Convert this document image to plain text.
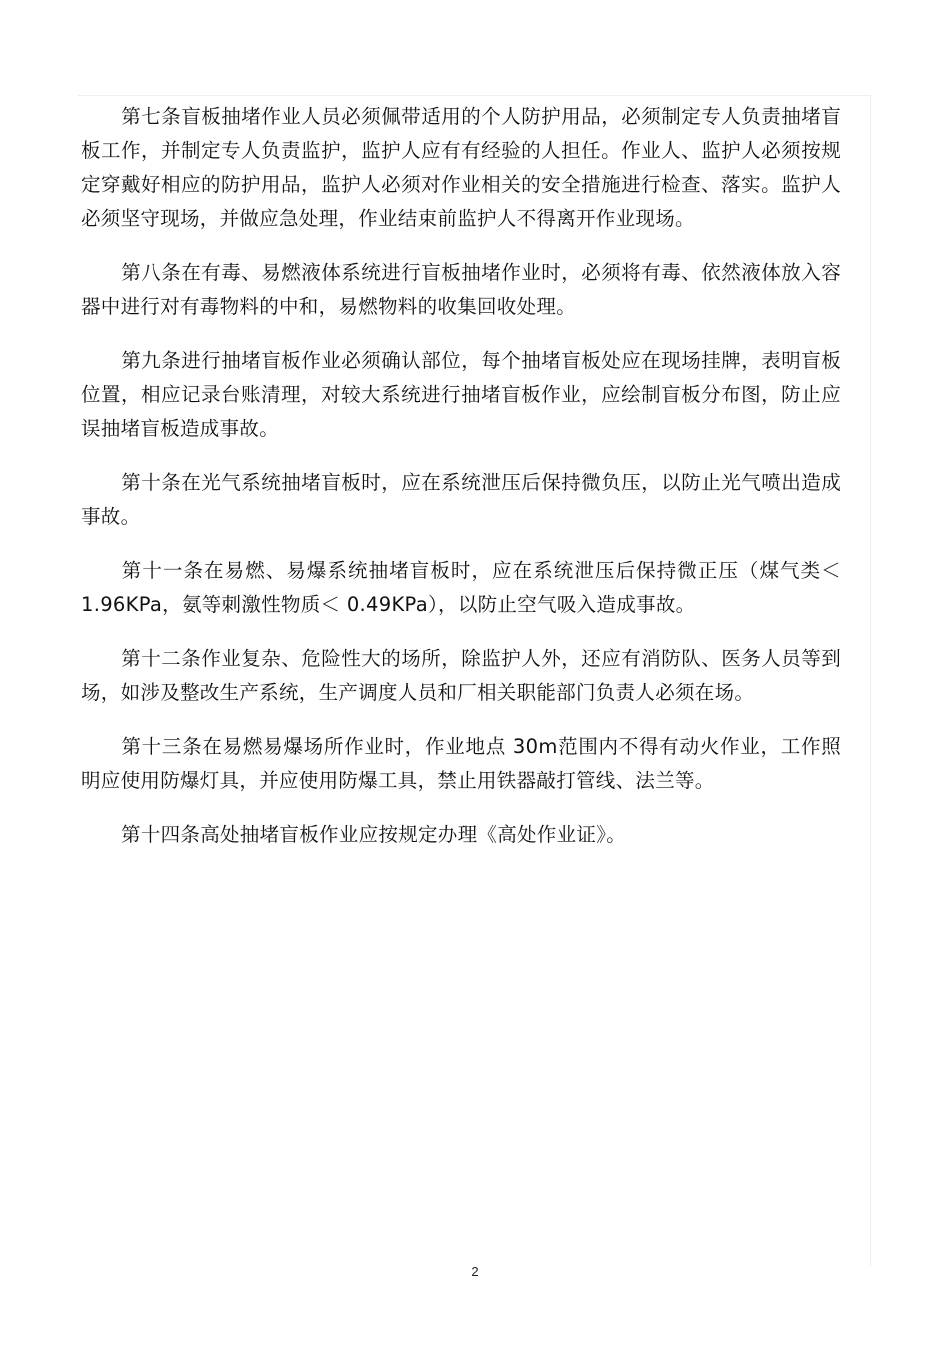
第七条盲板抽堵作业人员必须佩带适用的个人防护用品，必须制定专人负责抽堵盲板工作，并制定专人负责监护，监护人应有有经验的人担任。作业人、监护人必须按规定穿戴好相应的防护用品，监护人必须对作业相关的安全措施进行检查、落实。监护人必须坚守现场，并做应急处理，作业结束前监护人不得离开作业现场。

第八条在有毒、易燃液体系统进行盲板抽堵作业时，必须将有毒、依然液体放入容器中进行对有毒物料的中和，易燃物料的收集回收处理。

第九条进行抽堵盲板作业必须确认部位，每个抽堵盲板处应在现场挂牌，表明盲板位置，相应记录台账清理，对较大系统进行抽堵盲板作业，应绘制盲板分布图，防止应误抽堵盲板造成事故。

第十条在光气系统抽堵盲板时，应在系统泄压后保持微负压，以防止光气喷出造成事故。

第十一条在易燃、易爆系统抽堵盲板时，应在系统泄压后保持微正压（煤气类＜1.96KPa，氨等刺激性物质＜ 0.49KPa），以防止空气吸入造成事故。

第十二条作业复杂、危险性大的场所，除监护人外，还应有消防队、医务人员等到场，如涉及整改生产系统，生产调度人员和厂相关职能部门负责人必须在场。

第十三条在易燃易爆场所作业时，作业地点 30m范围内不得有动火作业，工作照明应使用防爆灯具，并应使用防爆工具，禁止用铁器敲打管线、法兰等。

第十四条高处抽堵盲板作业应按规定办理《高处作业证》。

2
